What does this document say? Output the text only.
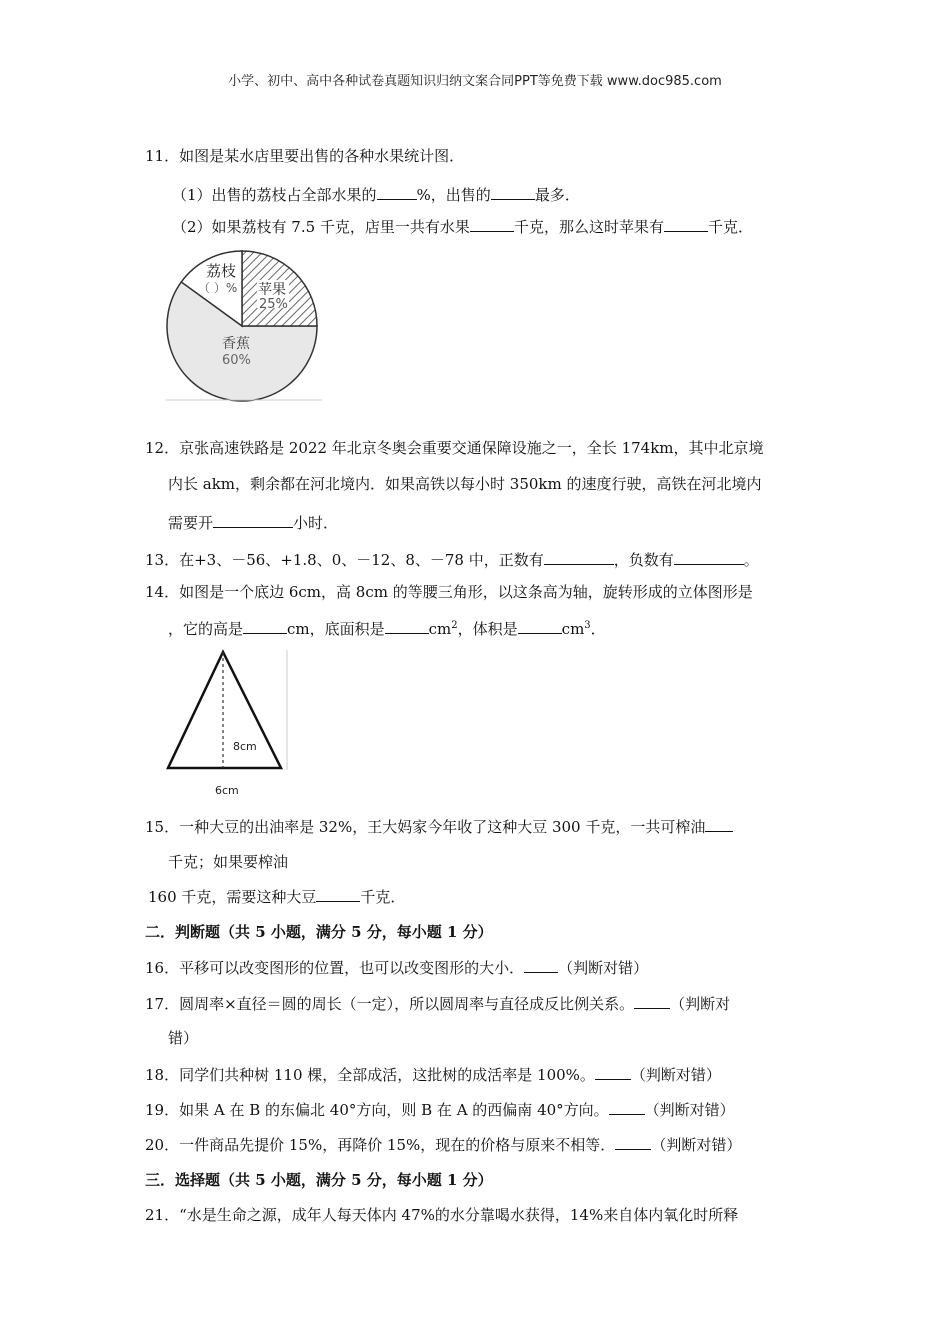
小学、初中、高中各种试卷真题知识归纳文案合同PPT等免费下载 www.doc985.com
11．如图是某水店里要出售的各种水果统计图．
（1）出售的荔枝占全部水果的	%，出售的	最多．
（2）如果荔枝有 7.5 千克，店里一共有水果	千克，那么这时苹果有	千克．
荔枝
（ ）% 苹果
25%
香蕉
60%
12．京张高速铁路是 2022 年北京冬奥会重要交通保障设施之一，全长 174km，其中北京境
内长 akm，剩余都在河北境内．如果高铁以每小时 350km 的速度行驶，高铁在河北境内
需要开	小时．
13．在+3、－56、+1.8、0、－12、8、－78 中，正数有	，负数有	。
14．如图是一个底边 6cm，高 8cm 的等腰三角形，以这条高为轴，旋转形成的立体图形是
，它的高是	cm，底面积是	$cm^2$，体积是	$cm^3$．
8cm
6cm
15．一种大豆的出油率是 32%，王大妈家今年收了这种大豆 300 千克，一共可榨油
千克；如果要榨油
160 千克，需要这种大豆	千克．
二．判断题（共 5 小题，满分 5 分，每小题 1 分）
16．平移可以改变图形的位置，也可以改变图形的大小． （判断对错）
17．圆周率×直径＝圆的周长（一定），所以圆周率与直径成反比例关系。 （判断对
错）
18．同学们共种树 110 棵，全部成活，这批树的成活率是 100%。 （判断对错）
19．如果 A 在 B 的东偏北 40°方向，则 B 在 A 的西偏南 40°方向。 （判断对错）
20．一件商品先提价 15%，再降价 15%，现在的价格与原来不相等． （判断对错）
三．选择题（共 5 小题，满分 5 分，每小题 1 分）
21．“水是生命之源，成年人每天体内 47%的水分靠喝水获得，14%来自体内氧化时所释
